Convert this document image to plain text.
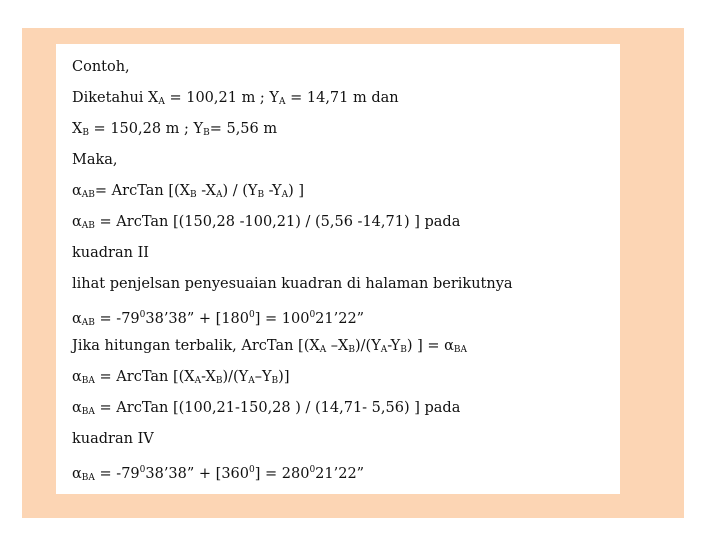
Contoh,
Diketahui $X_A = 100,21$ m ; $Y_A = 14,71$ m dan
$X_B = 150,28$ m ; $Y_B= 5,56$ m
Maka,
$\alpha_{AB}=$ ArcTan [($X_B$ $-X_A) / (Y_B$ $-Y_A$) ]
$\alpha_{AB}$ = ArcTan [(150,28 -100,21) / (5,56 -14,71) ] pada
kuadran II
lihat penjelsan penyesuaian kuadran di halaman berikutnya
$\alpha_{AB}$ = $-79^038’38$” + $[180^0]$ = $100^021’22$”
Jika hitungan terbalik, ArcTan [($X_A$ $-X_B)/(Y_A-Y_B)$ ] = $\alpha_{BA}$
$\alpha_{BA}$ = ArcTan $[(X_A-X_B)/(Y_A-Y_B)]$
$\alpha_{BA}$ = ArcTan [(100,21-150,28 ) / (14,71- 5,56) ] pada
kuadran IV
$\alpha_{BA}$ = $-79^038’38$” + $[360^0]$ = $280^021’22$”
